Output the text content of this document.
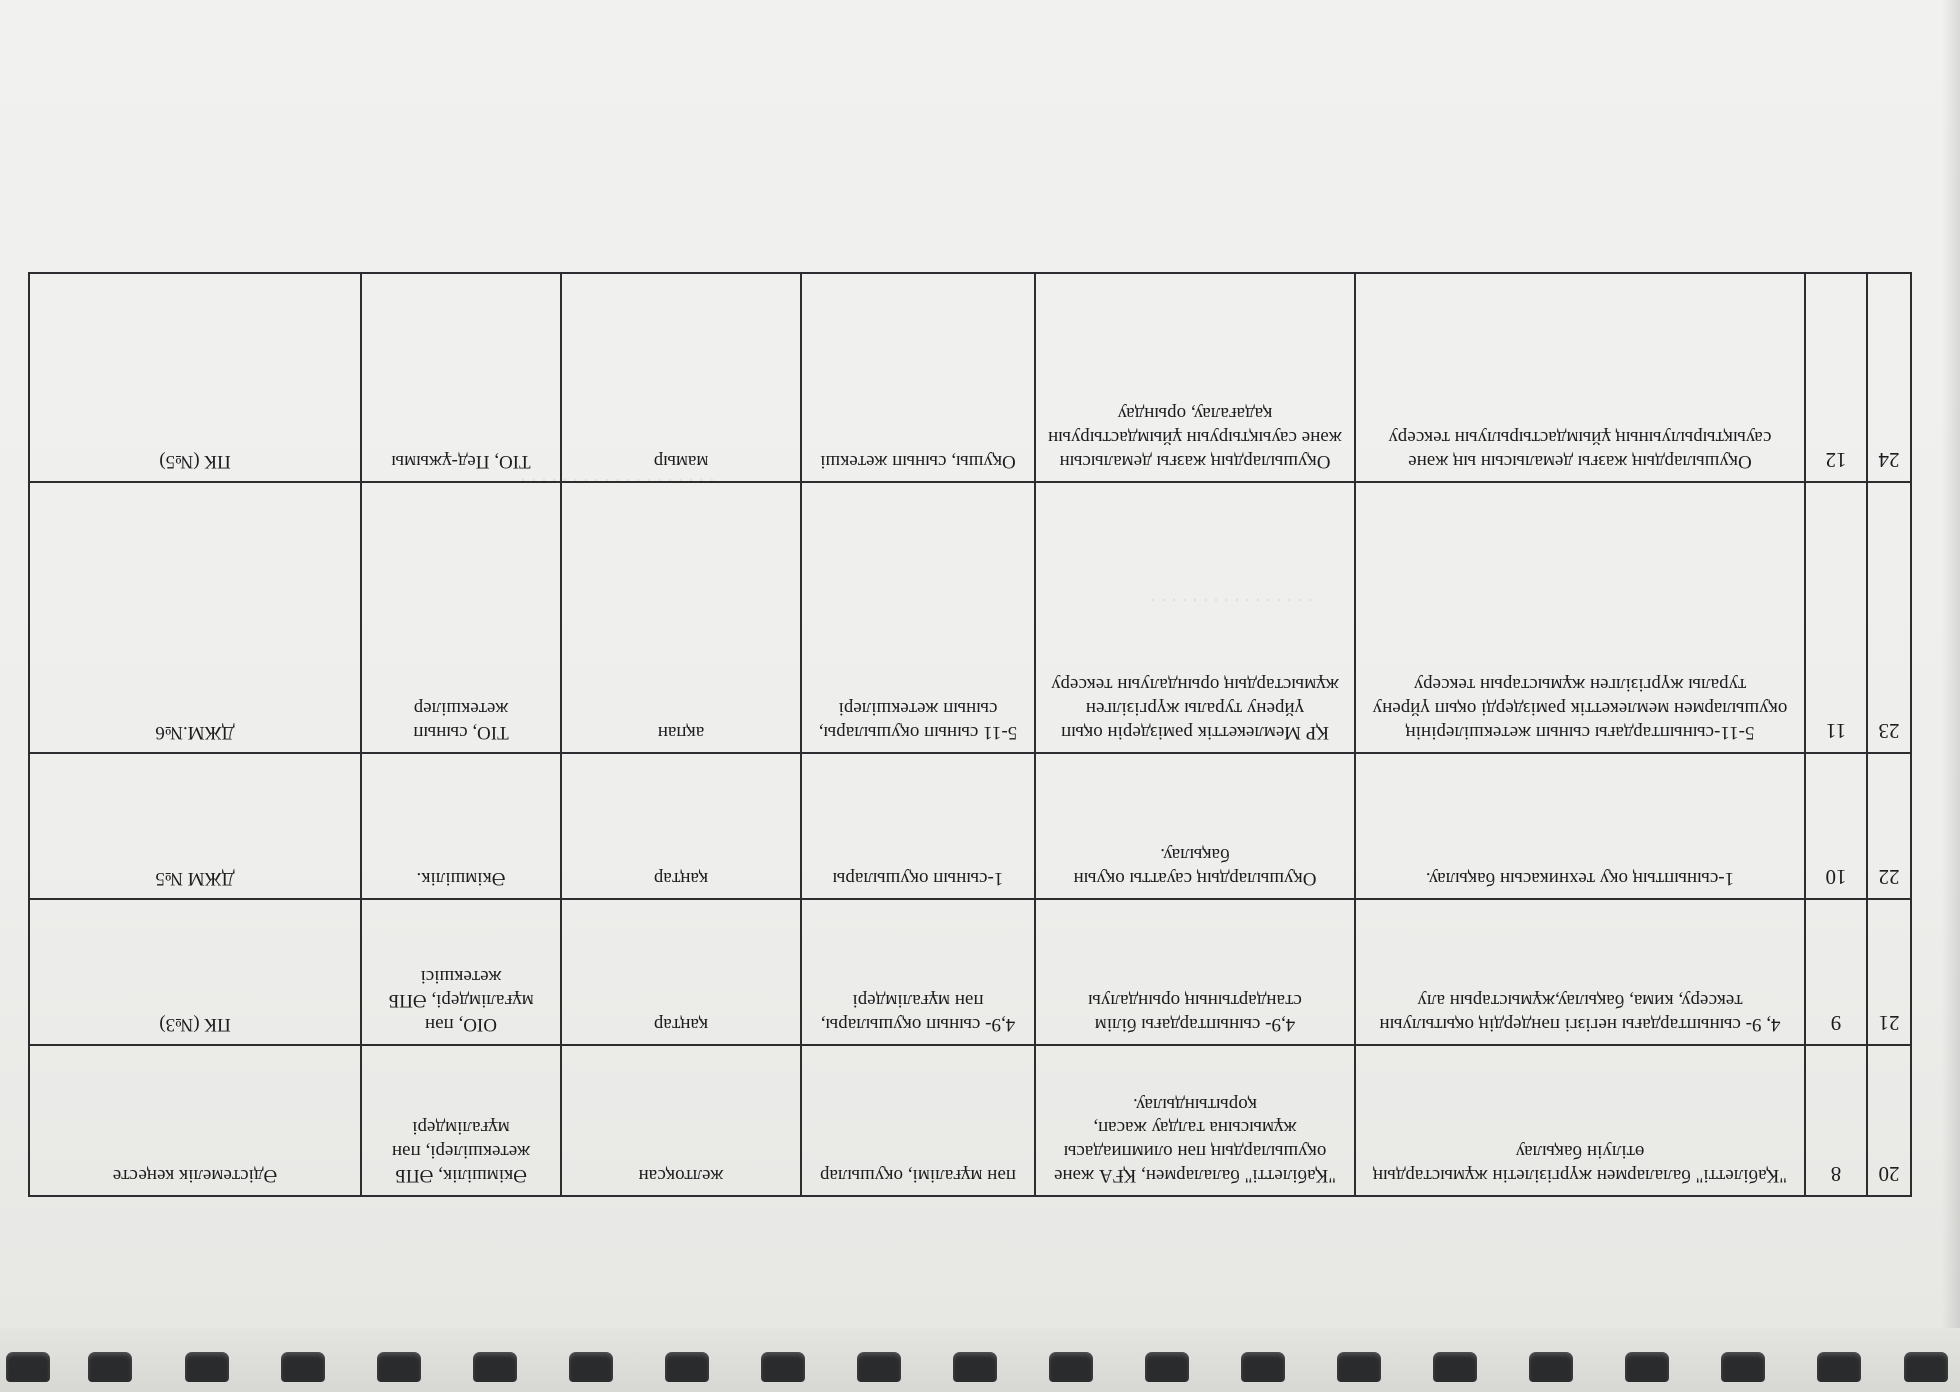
· · · · · · · · · · · · · · · · · · ·
· · · · · · · · · · · · · · · ·
20	8	"Қабілетті" балалармен жүргізілетін жұмыстардың өтілуін бақылау	"Қабілетті" балалармен, ҚҒА және оқушылардың пән олимпиадасы жұмысына талдау жасап, қорытындылау.	пән мұғалімі, оқушылар	желтоқсан	Әкімшілік, ӘПБ жетекшілері, пән мұғалімдері	Әдістемелік кеңесте
21	9	4, 9- сыныптардағы негізгі пәндердің оқытылуын тексеру, кима, бақылау,жұмыстарын алу	4,9- сыныптардағы білім стандартының орындалуы	4,9- сынып оқушылары, пән мұғалімдері	қаңтар	ОІО, пән мұғалімдері, ӘПБ жетекшісі	ПК (№3)
22	10	1-сыныптың оқу техникасын бақылау.	Оқушылардың сауатты оқуын бақылау.	1-сынып оқушылары	қаңтар	Әкімшілік.	ДЖМ №5
23	11	5-11-сыныптардағы сынып жетекшілерінің оқушылармен мемлекеттік рәміздерді оқып үйрену туралы жүргізілген жұмыстарын тексеру	ҚР Мемлекеттік рәміздерін оқып үйрену туралы жүргізілген жұмыстардың орындалуын тексеру	5-11 сынып оқушылары, сынып жетекшілері	ақпан	ТІО, сынып жетекшілер	ДЖМ.№6
24	12	Оқушылардың жазғы демалысын ың және сауықтырылуының ұйымдастырылуын тексеру	Оқушылардың жазғы демалысын және сауықтыруын ұйымдастыруын қадағалау, орындау	Оқушы, сынып жетекші	мамыр	ТІО, Пед-ұжымы	ПК (№5)
